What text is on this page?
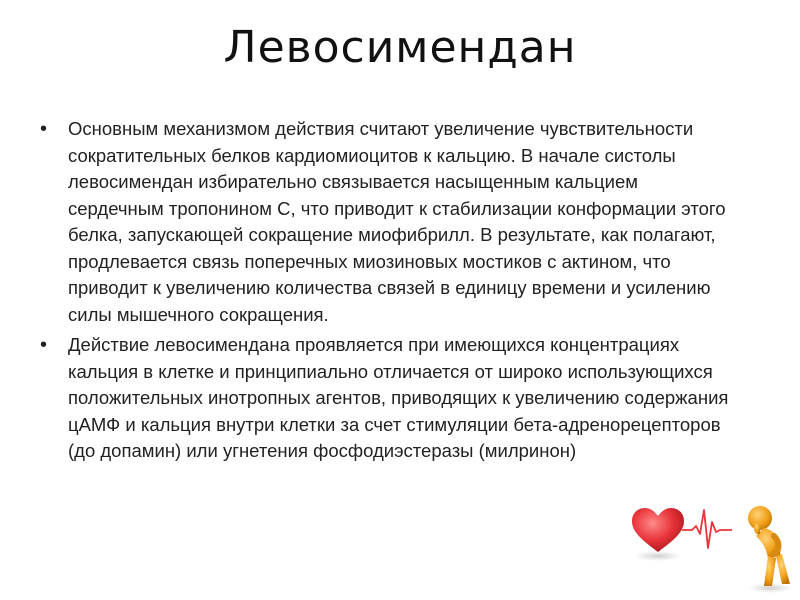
Левосимендан
• Основным механизмом действия считают увеличение чувствительности сократительных белков кардиомиоцитов к кальцию. В начале систолы левосимендан избирательно связывается насыщенным кальцием сердечным тропонином С, что приводит к стабилизации конформации этого белка, запускающей сокращение миофибрилл. В результате, как полагают, продлевается связь поперечных миозиновых мостиков с актином, что приводит к увеличению количества связей в единицу времени и усилению силы мышечного сокращения.
• Действие левосимендана проявляется при имеющихся концентрациях кальция в клетке и принципиально отличается от широко использующихся положительных инотропных агентов, приводящих к увеличению содержания цАМФ и кальция внутри клетки за счет стимуляции бета-адренорецепторов (до допамин) или угнетения фосфодиэстеразы (милринон)
